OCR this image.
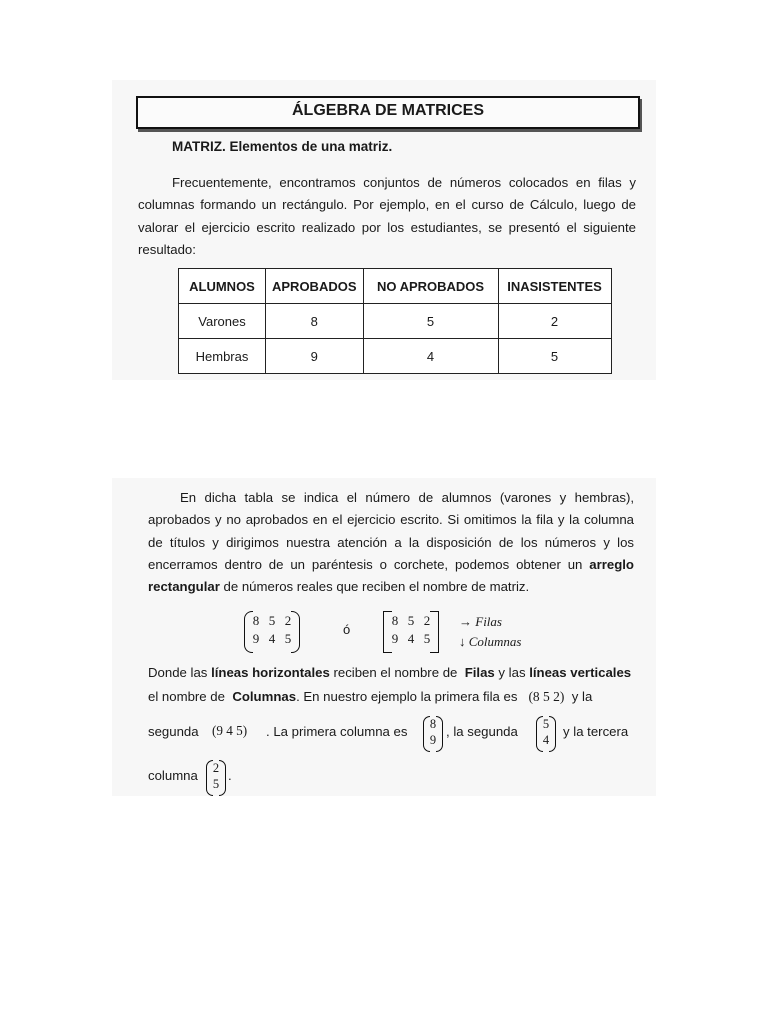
ÁLGEBRA DE MATRICES
MATRIZ. Elementos de una matriz.
Frecuentemente, encontramos conjuntos de números colocados en filas y
columnas formando un rectángulo. Por ejemplo, en el curso de Cálculo, luego de
valorar el ejercicio escrito realizado por los estudiantes, se presentó el siguiente
resultado:
ALUMNOS	APROBADOS	NO APROBADOS	INASISTENTES
Varones	8	5	2
Hembras	9	4	5
En dicha tabla se indica el número de alumnos (varones y hembras),
aprobados y no aprobados en el ejercicio escrito. Si omitimos la fila y la columna
de títulos y dirigimos nuestra atención a la disposición de los números y los
encerramos dentro de un paréntesis o corchete, podemos obtener un arreglo
rectangular de números reales que reciben el nombre de matriz.
8 5 2
9 4 5
ó
8 5 2
9 4 5
→ Filas
↓ Columnas
Donde las líneas horizontales reciben el nombre de Filas y las líneas verticales
el nombre de Columnas. En nuestro ejemplo la primera fila es (8 5 2) y la
segunda (9 4 5) . La primera columna es	8
9
, la segunda	5
4
y la tercera
columna	2
5
.
